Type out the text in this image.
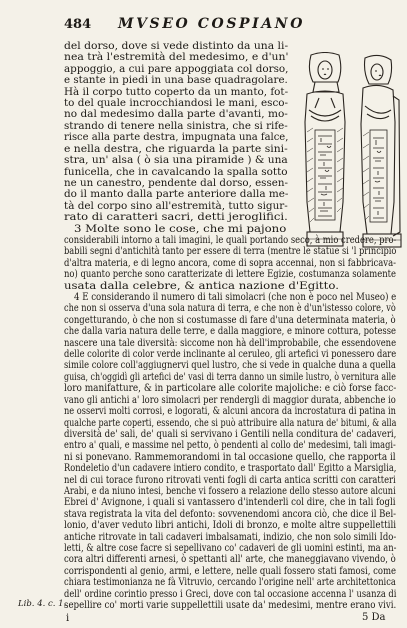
484 MVSEO COSPIANO
del dorso, dove si vede distinto da una li-
nea trà l'estremità del medesimo, e d'un'
appoggio, a cui pare appoggiata col dorso,
e stante in piedi in una base quadragolare.
Hà il corpo tutto coperto da un manto, fot-
to del quale incrocchiandosi le mani, esco-
no dal medesimo dalla parte d'avanti, mo-
strando di tenere nella sinistra, che si rife-
risce alla parte destra, impugnata una falce,
e nella destra, che riguarda la parte sini-
stra, un' alsa ( ò sia una piramide ) & una
funicella, che in cavalcando la spalla sotto
ne un canestro, pendente dal dorso, essen-
do il manto dalla parte anteriore dalla me-
tà del corpo sino all'estremità, tutto sigur-
rato di caratteri sacri, detti jeroglifici.
3 Molte sono le cose, che mi pajono
considerabili intorno a tali imagini, le quali portando seco, à mio credere, pro-
babili segni d'antichità tanto per essere di terra (mentre le statue si 'l principio
d'altra materia, e di legno ancora, come di sopra accennai, non si fabbricava-
no) quanto perche sono caratterizate di lettere Egizie, costumanza solamente
usata dalla celebre, & antica nazione d'Egitto.
4 E considerando il numero di tali simolacri (che non è poco nel Museo) e
che non si osserva d'una sola natura di terra, e che non è d'un'istesso colore, vò
congetturando, ò che non si costumasse di fare d'una determinata materia, ò
che dalla varia natura delle terre, e dalla maggiore, e minore cottura, potesse
nascere una tale diversità: siccome non hà dell'improbabile, che essendovene
delle colorite di color verde inclinante al ceruleo, gli artefici vi ponessero dare
simile colore coll'aggiugnervi quel lustro, che si vede in qualche duna a quella
guisa, ch'oggidì gli artefici de' vasi di terra danno un simile lustro, ò vernitura alle
loro manifatture, & in particolare alle colorite majoliche: e ciò forse facc-
vano gli antichi a' loro simolacri per rendergli di maggior durata, abbenche io
ne osservi molti corrosi, e logorati, & alcuni ancora da incrostatura di patina in
qualche parte coperti, essendo, che si può attribuire alla natura de' bitumi, & alla
diversità de' sali, de' quali si servivano i Gentili nella conditura de' cadaveri,
entro a' quali, e massime nel petto, ò pendenti al collo de' medesimi, tali imagi-
ni si ponevano. Rammemorandomi in tal occasione quello, che rapporta il
Rondeletio d'un cadavere intiero condito, e trasportato dall' Egitto a Marsiglia,
nel di cui torace furono ritrovati venti fogli di carta antica scritti con caratteri
Arabi, e da niuno intesi, benche vi fossero a relazione dello stesso autore alcuni
Ebrei d' Avignone, i quali si vantassero d'intenderli col dire, che in tali fogli
stava registrata la vita del defonto: sovvenendomi ancora ciò, che dice il Bel-
lonio, d'aver veduto libri antichi, Idoli di bronzo, e molte altre suppellettili
antiche ritrovate in tali cadaveri imbalsamati, indizio, che non solo simili Ido-
letti, & altre cose facre si sepellivano co' cadaveri de gli uomini estinti, ma an-
cora altri differenti arnesi, ò spettanti all' arte, che maneggiavano vivendo, ò
corrispondenti al genio, armi, e lettere, nelle quali fossero stati famosi, come
chiara testimonianza ne fà Vitruvio, cercando l'origine nell' arte architettonica
dell' ordine corintio presso i Greci, dove con tal occasione accenna l' usanza di
sepellire co' morti varie suppellettili usate da' medesimi, mentre erano vivi.
Lib. 4. c. 1.
i	5 Da
